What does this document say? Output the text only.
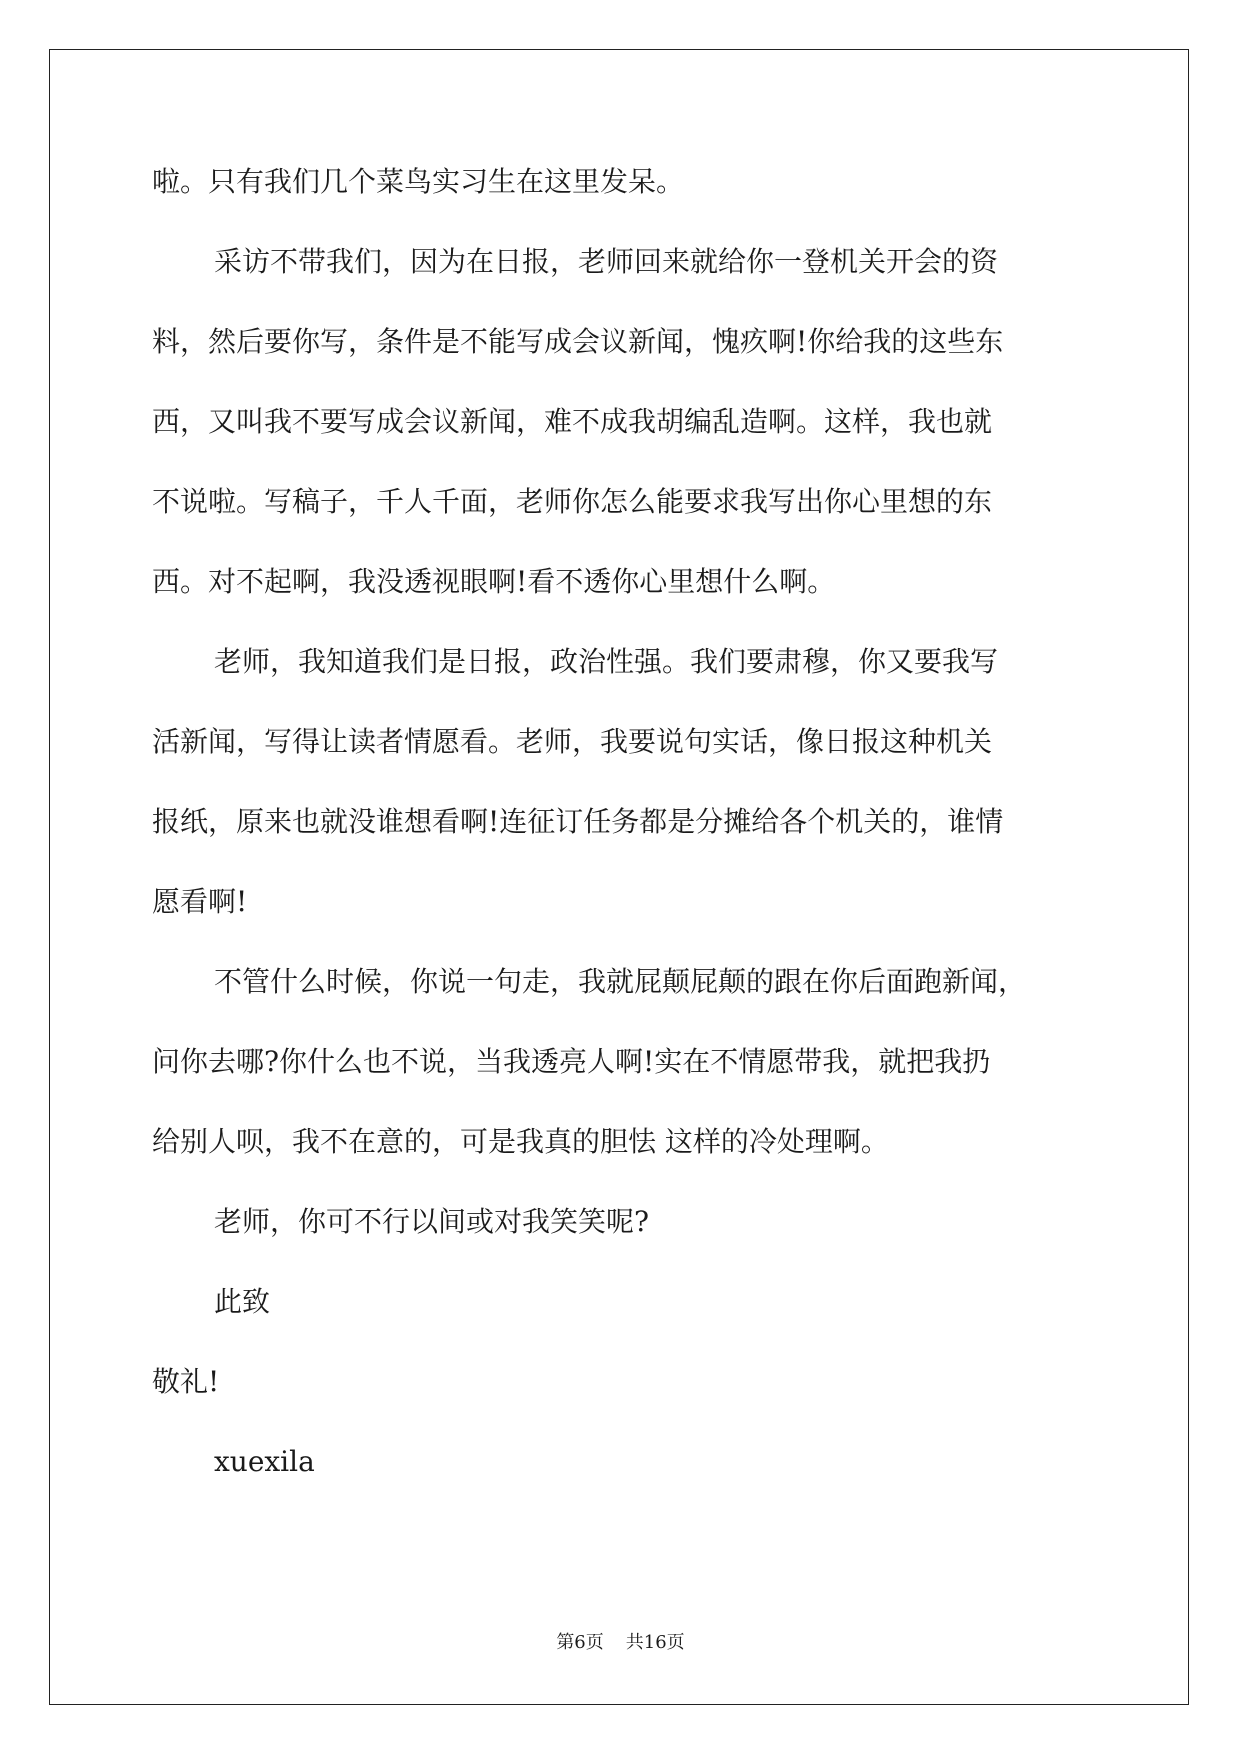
啦。只有我们几个菜鸟实习生在这里发呆。
采访不带我们，因为在日报，老师回来就给你一登机关开会的资
料，然后要你写，条件是不能写成会议新闻，愧疚啊!你给我的这些东
西，又叫我不要写成会议新闻，难不成我胡编乱造啊。这样，我也就
不说啦。写稿子，千人千面，老师你怎么能要求我写出你心里想的东
西。对不起啊，我没透视眼啊!看不透你心里想什么啊。
老师，我知道我们是日报，政治性强。我们要肃穆，你又要我写
活新闻，写得让读者情愿看。老师，我要说句实话，像日报这种机关
报纸，原来也就没谁想看啊!连征订任务都是分摊给各个机关的，谁情
愿看啊!
不管什么时候，你说一句走，我就屁颠屁颠的跟在你后面跑新闻，
问你去哪?你什么也不说，当我透亮人啊!实在不情愿带我，就把我扔
给别人呗，我不在意的，可是我真的胆怯 这样的冷处理啊。
老师，你可不行以间或对我笑笑呢?
此致
敬礼!
xuexila
第6页 共16页
